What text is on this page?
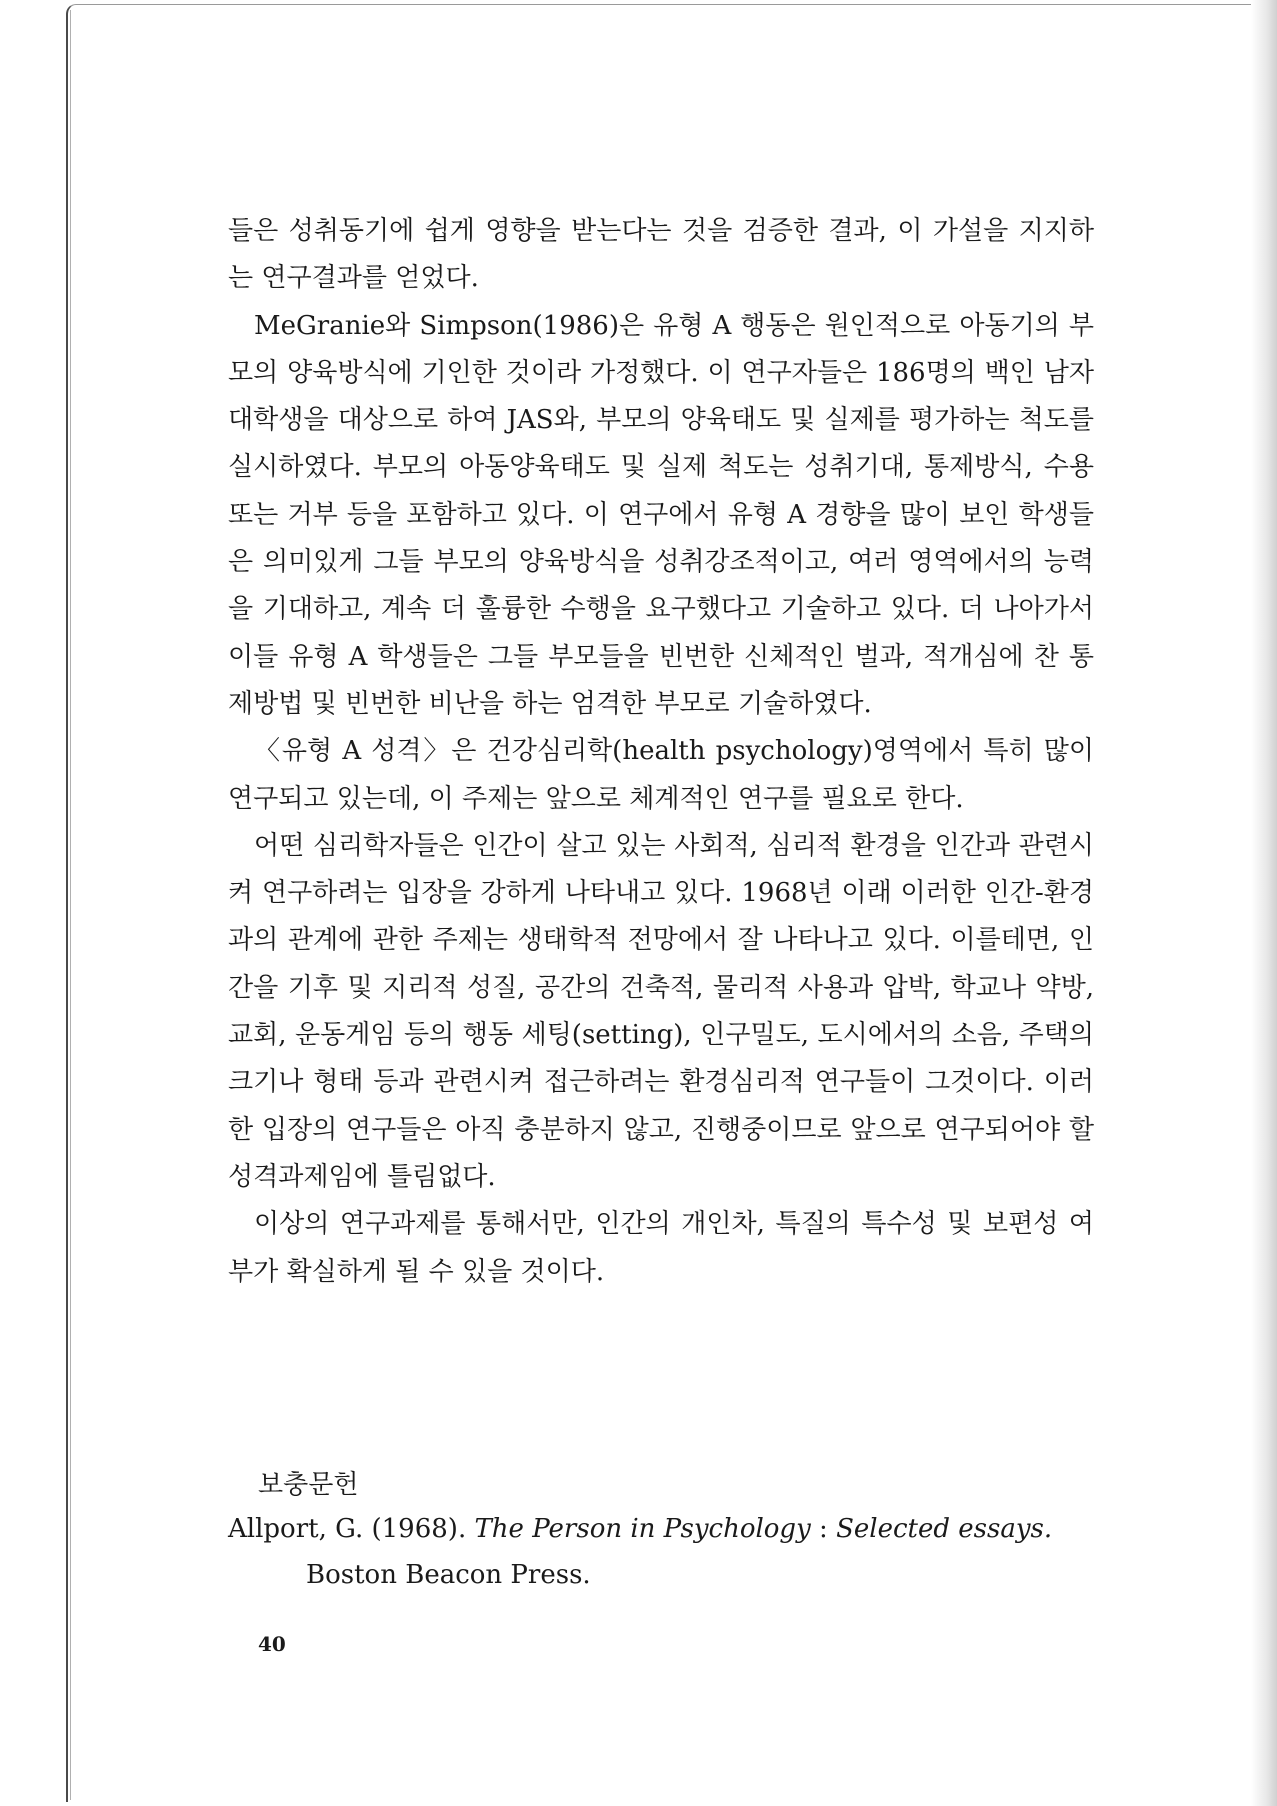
들은 성취동기에 쉽게 영향을 받는다는 것을 검증한 결과, 이 가설을 지지하는 연구결과를 얻었다.

MeGranie와 Simpson(1986)은 유형 A 행동은 원인적으로 아동기의 부모의 양육방식에 기인한 것이라 가정했다. 이 연구자들은 186명의 백인 남자 대학생을 대상으로 하여 JAS와, 부모의 양육태도 및 실제를 평가하는 척도를 실시하였다. 부모의 아동양육태도 및 실제 척도는 성취기대, 통제방식, 수용 또는 거부 등을 포함하고 있다. 이 연구에서 유형 A 경향을 많이 보인 학생들은 의미있게 그들 부모의 양육방식을 성취강조적이고, 여러 영역에서의 능력을 기대하고, 계속 더 훌륭한 수행을 요구했다고 기술하고 있다. 더 나아가서 이들 유형 A 학생들은 그들 부모들을 빈번한 신체적인 벌과, 적개심에 찬 통제방법 및 빈번한 비난을 하는 엄격한 부모로 기술하였다.

〈유형 A 성격〉은 건강심리학(health psychology)영역에서 특히 많이 연구되고 있는데, 이 주제는 앞으로 체계적인 연구를 필요로 한다.

어떤 심리학자들은 인간이 살고 있는 사회적, 심리적 환경을 인간과 관련시켜 연구하려는 입장을 강하게 나타내고 있다. 1968년 이래 이러한 인간-환경과의 관계에 관한 주제는 생태학적 전망에서 잘 나타나고 있다. 이를테면, 인간을 기후 및 지리적 성질, 공간의 건축적, 물리적 사용과 압박, 학교나 약방, 교회, 운동게임 등의 행동 세팅(setting), 인구밀도, 도시에서의 소음, 주택의 크기나 형태 등과 관련시켜 접근하려는 환경심리적 연구들이 그것이다. 이러한 입장의 연구들은 아직 충분하지 않고, 진행중이므로 앞으로 연구되어야 할 성격과제임에 틀림없다.

이상의 연구과제를 통해서만, 인간의 개인차, 특질의 특수성 및 보편성 여부가 확실하게 될 수 있을 것이다.

보충문헌

Allport, G. (1968). The Person in Psychology : Selected essays. Boston Beacon Press.

40
